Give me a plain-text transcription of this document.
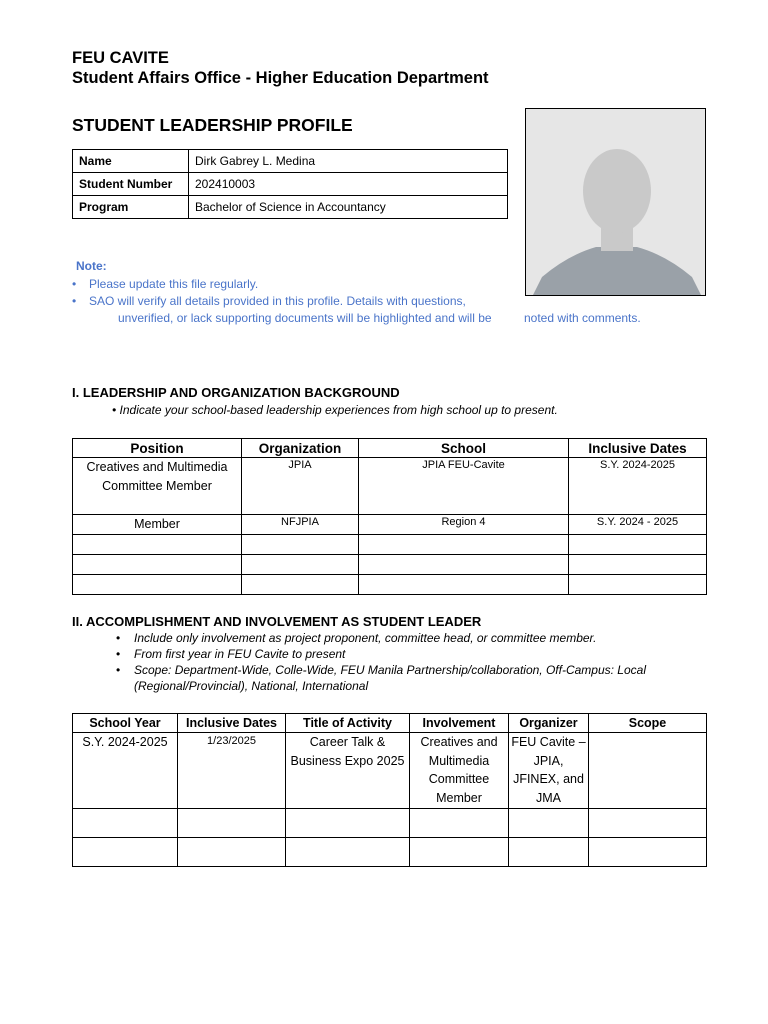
FEU CAVITE
Student Affairs Office - Higher Education Department
STUDENT LEADERSHIP PROFILE
Name	Dirk Gabrey L. Medina
Student Number	202410003
Program	Bachelor of Science in Accountancy
Note:
• Please update this file regularly.
• SAO will verify all details provided in this profile. Details with questions,
unverified, or lack supporting documents will be highlighted and will be	noted with comments.
I. LEADERSHIP AND ORGANIZATION BACKGROUND
• Indicate your school-based leadership experiences from high school up to present.
Position	Organization	School	Inclusive Dates
Creatives and Multimedia Committee Member	JPIA	JPIA FEU-Cavite	S.Y. 2024-2025
Member	NFJPIA	Region 4	S.Y. 2024 - 2025

II. ACCOMPLISHMENT AND INVOLVEMENT AS STUDENT LEADER
• Include only involvement as project proponent, committee head, or committee member.
• From first year in FEU Cavite to present
• Scope: Department-Wide, Colle-Wide, FEU Manila Partnership/collaboration, Off-Campus: Local
(Regional/Provincial), National, International
School Year	Inclusive Dates	Title of Activity	Involvement	Organizer	Scope
S.Y. 2024-2025	1/23/2025	Career Talk & Business Expo 2025	Creatives and Multimedia Committee Member	FEU Cavite – JPIA, JFINEX, and JMA	
